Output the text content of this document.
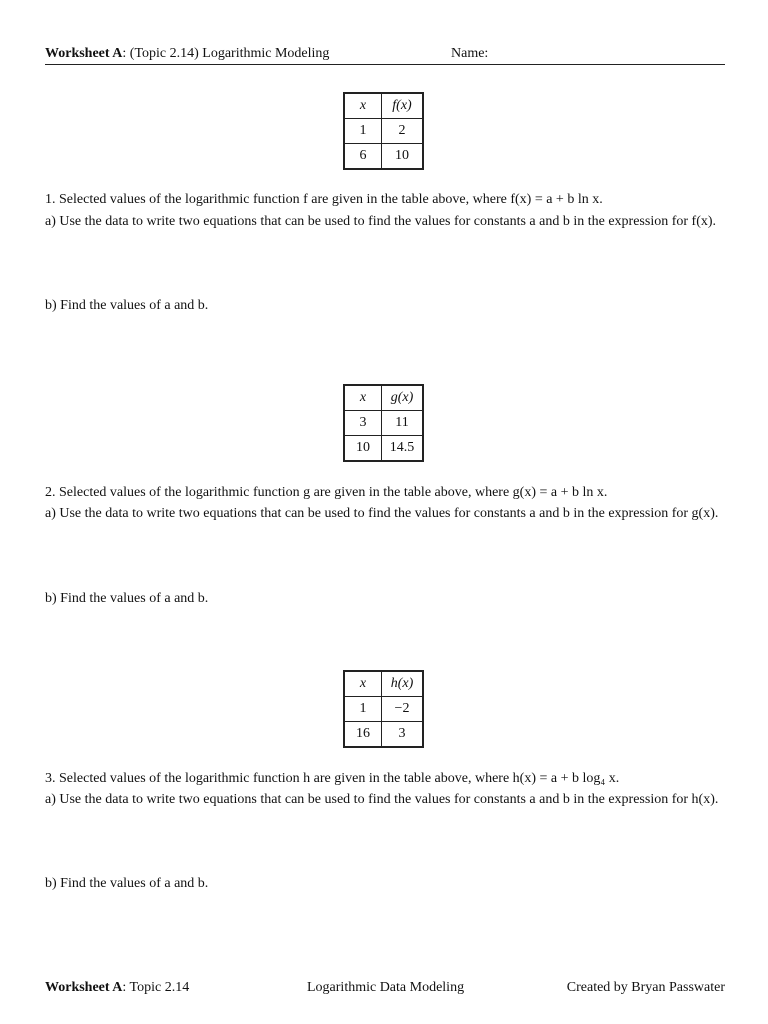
Worksheet A: (Topic 2.14) Logarithmic Modeling	Name:
x	f(x)
1	2
6	10
1. Selected values of the logarithmic function f are given in the table above, where f(x) = a + b ln x.
a) Use the data to write two equations that can be used to find the values for constants a and b in the expression for f(x).
b) Find the values of a and b.
x	g(x)
3	11
10	14.5
2. Selected values of the logarithmic function g are given in the table above, where g(x) = a + b ln x.
a) Use the data to write two equations that can be used to find the values for constants a and b in the expression for g(x).
b) Find the values of a and b.
x	h(x)
1	−2
16	3
3. Selected values of the logarithmic function h are given in the table above, where h(x) = a + b log₄ x.
a) Use the data to write two equations that can be used to find the values for constants a and b in the expression for h(x).
b) Find the values of a and b.
Worksheet A: Topic 2.14	Logarithmic Data Modeling	Created by Bryan Passwater
